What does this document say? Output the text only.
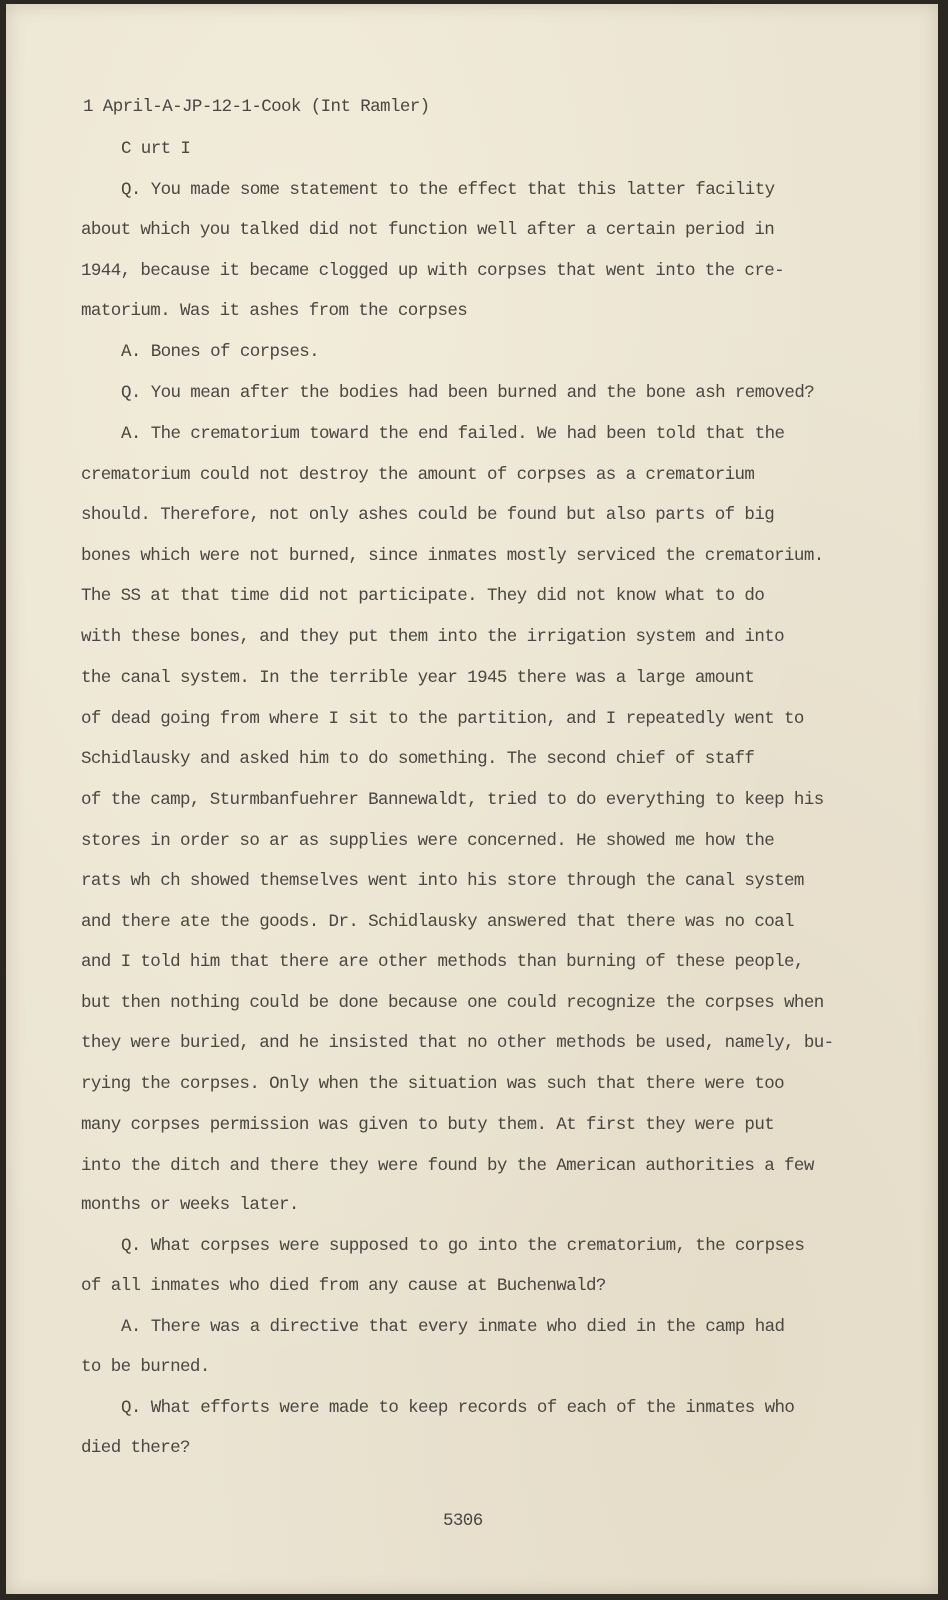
1 April-A-JP-12-1-Cook (Int Ramler)
C urt I
Q. You made some statement to the effect that this latter facility
about which you talked did not function well after a certain period in
1944, because it became clogged up with corpses that went into the cre-
matorium. Was it ashes from the corpses
A. Bones of corpses.
Q. You mean after the bodies had been burned and the bone ash removed?
A. The crematorium toward the end failed. We had been told that the
crematorium could not destroy the amount of corpses as a crematorium
should. Therefore, not only ashes could be found but also parts of big
bones which were not burned, since inmates mostly serviced the crematorium.
The SS at that time did not participate. They did not know what to do
with these bones, and they put them into the irrigation system and into
the canal system. In the terrible year 1945 there was a large amount
of dead going from where I sit to the partition, and I repeatedly went to
Schidlausky and asked him to do something. The second chief of staff
of the camp, Sturmbanfuehrer Bannewaldt, tried to do everything to keep his
stores in order so ar as supplies were concerned. He showed me how the
rats wh ch showed themselves went into his store through the canal system
and there ate the goods. Dr. Schidlausky answered that there was no coal
and I told him that there are other methods than burning of these people,
but then nothing could be done because one could recognize the corpses when
they were buried, and he insisted that no other methods be used, namely, bu-
rying the corpses. Only when the situation was such that there were too
many corpses permission was given to buty them. At first they were put
into the ditch and there they were found by the American authorities a few
months or weeks later.
Q. What corpses were supposed to go into the crematorium, the corpses
of all inmates who died from any cause at Buchenwald?
A. There was a directive that every inmate who died in the camp had
to be burned.
Q. What efforts were made to keep records of each of the inmates who
died there?
5306
